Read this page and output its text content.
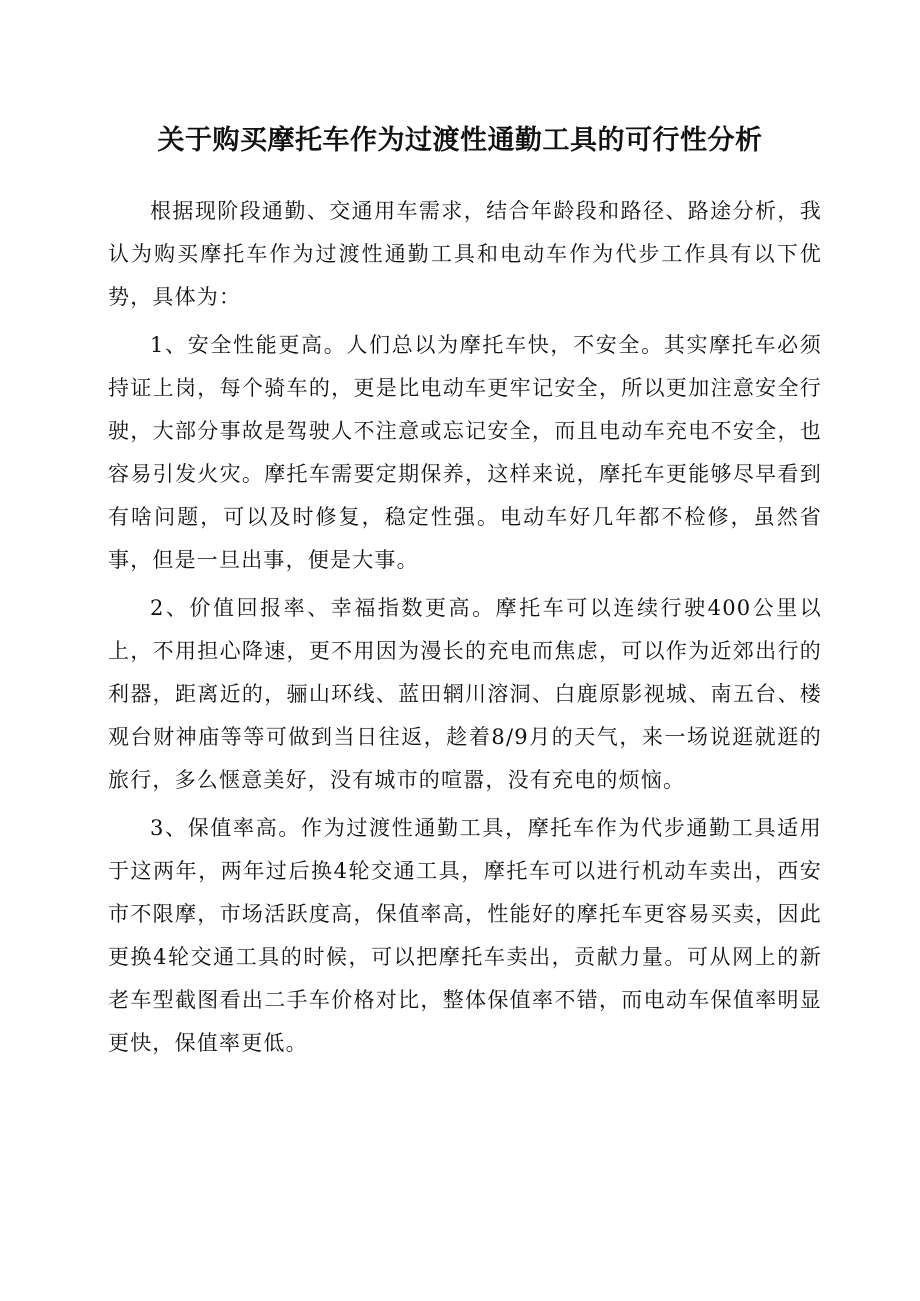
关于购买摩托车作为过渡性通勤工具的可行性分析

根据现阶段通勤、交通用车需求，结合年龄段和路径、路途分析，我认为购买摩托车作为过渡性通勤工具和电动车作为代步工作具有以下优势，具体为：

1、安全性能更高。人们总以为摩托车快，不安全。其实摩托车必须持证上岗，每个骑车的，更是比电动车更牢记安全，所以更加注意安全行驶，大部分事故是驾驶人不注意或忘记安全，而且电动车充电不安全，也容易引发火灾。摩托车需要定期保养，这样来说，摩托车更能够尽早看到有啥问题，可以及时修复，稳定性强。电动车好几年都不检修，虽然省事，但是一旦出事，便是大事。

2、价值回报率、幸福指数更高。摩托车可以连续行驶400公里以上，不用担心降速，更不用因为漫长的充电而焦虑，可以作为近郊出行的利器，距离近的，骊山环线、蓝田辋川溶洞、白鹿原影视城、南五台、楼观台财神庙等等可做到当日往返，趁着8/9月的天气，来一场说逛就逛的旅行，多么惬意美好，没有城市的喧嚣，没有充电的烦恼。

3、保值率高。作为过渡性通勤工具，摩托车作为代步通勤工具适用于这两年，两年过后换4轮交通工具，摩托车可以进行机动车卖出，西安市不限摩，市场活跃度高，保值率高，性能好的摩托车更容易买卖，因此更换4轮交通工具的时候，可以把摩托车卖出，贡献力量。可从网上的新老车型截图看出二手车价格对比，整体保值率不错，而电动车保值率明显更快，保值率更低。
